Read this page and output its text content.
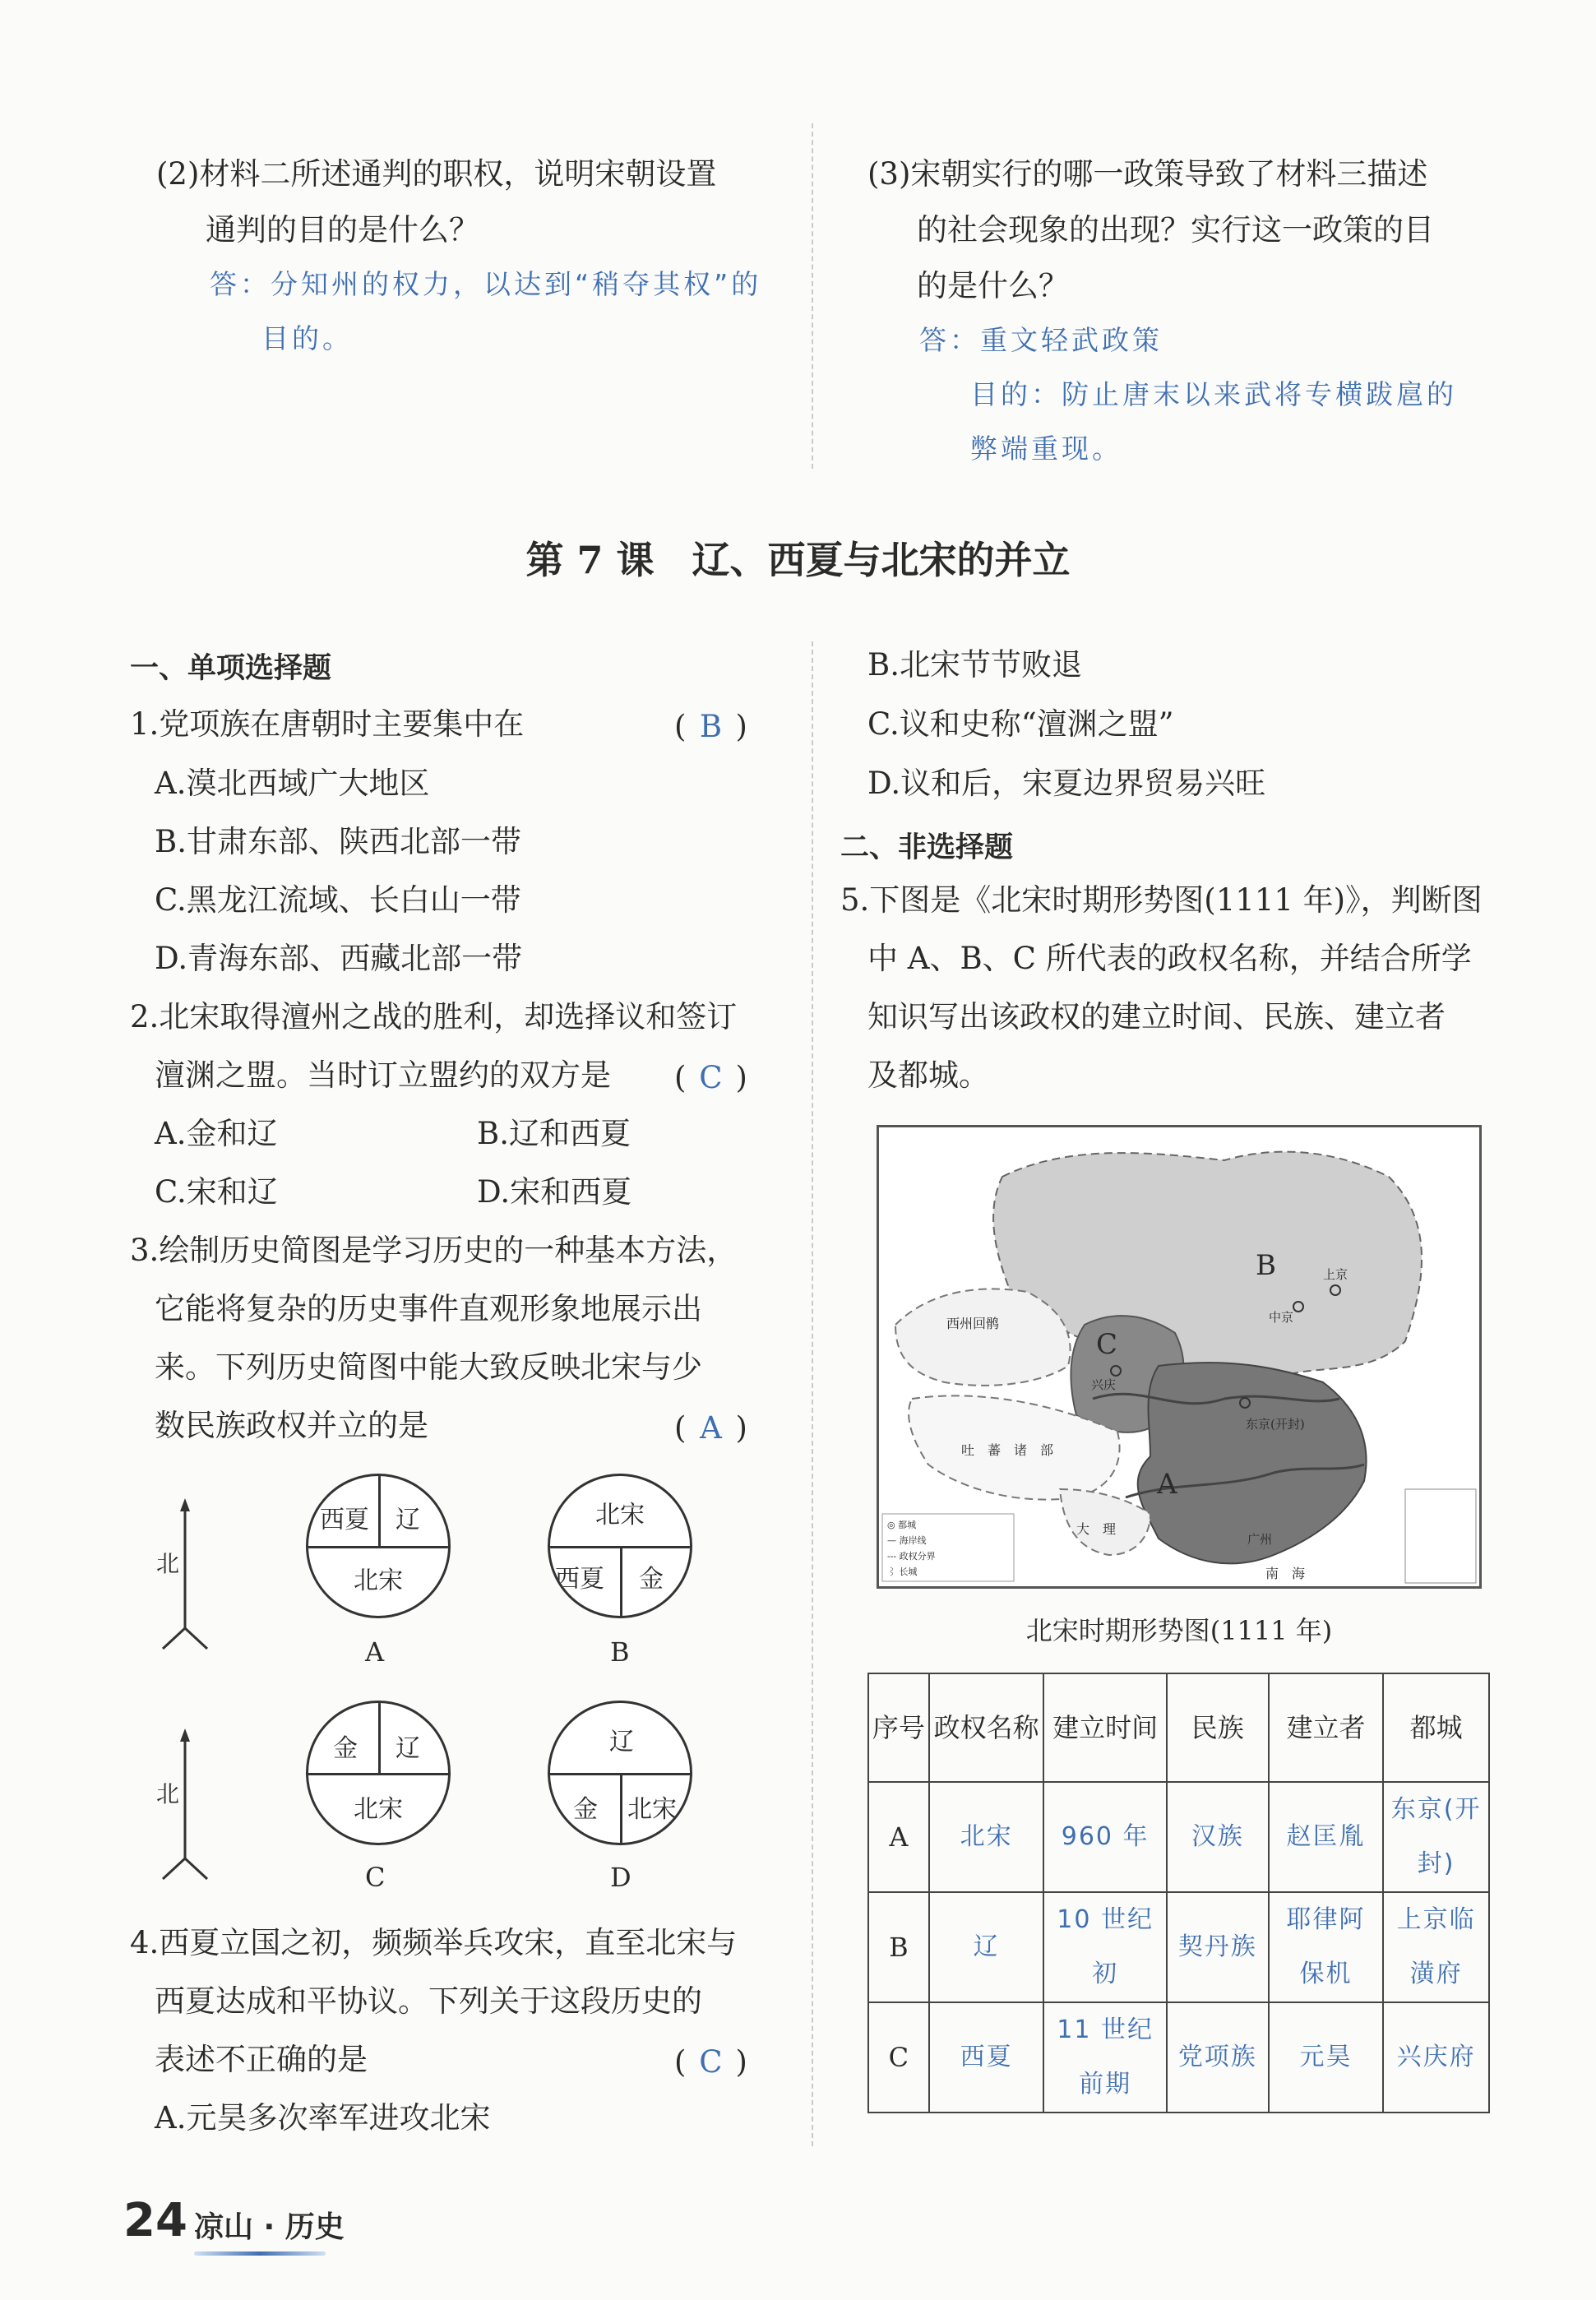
(2)材料二所述通判的职权，说明宋朝设置
通判的目的是什么？
答：分知州的权力，以达到“稍夺其权”的
目的。
(3)宋朝实行的哪一政策导致了材料三描述
的社会现象的出现？实行这一政策的目
的是什么？
答：重文轻武政策
目的：防止唐末以来武将专横跋扈的
弊端重现。
第 7 课　辽、西夏与北宋的并立
一、单项选择题
1.党项族在唐朝时主要集中在	( B )
A.漠北西域广大地区
B.甘肃东部、陕西北部一带
C.黑龙江流域、长白山一带
D.青海东部、西藏北部一带
2.北宋取得澶州之战的胜利，却选择议和签订
澶渊之盟。当时订立盟约的双方是 ( C )
A.金和辽	B.辽和西夏
C.宋和辽	D.宋和西夏
3.绘制历史简图是学习历史的一种基本方法，
它能将复杂的历史事件直观形象地展示出
来。下列历史简图中能大致反映北宋与少
数民族政权并立的是	( A )
北
北
西夏 辽
北宋
A
北宋
西夏 金
B
金 辽
北宋
C
辽
金 北宋
D
4.西夏立国之初，频频举兵攻宋，直至北宋与
西夏达成和平协议。下列关于这段历史的
表述不正确的是	( C )
A.元昊多次率军进攻北宋
B.北宋节节败退
C.议和史称“澶渊之盟”
D.议和后，宋夏边界贸易兴旺
二、非选择题
5.下图是《北宋时期形势图(1111 年)》，判断图
中 A、B、C 所代表的政权名称，并结合所学
知识写出该政权的建立时间、民族、建立者
及都城。
B
A
C
西州回鹘
吐　蕃　诸　部
大　理
上京
中京
兴庆
东京(开封)
广州
南　海
◎ 都城
— 海岸线
--- 政权分界
⌇ 长城
北宋时期形势图(1111 年)
序号	政权名称	建立时间	民族	建立者	都城
A	北宋	960 年	汉族	赵匡胤	东京(开封)
B	辽	10 世纪初	契丹族	耶律阿保机	上京临潢府
C	西夏	11 世纪前期	党项族	元昊	兴庆府
24 凉山 · 历史
